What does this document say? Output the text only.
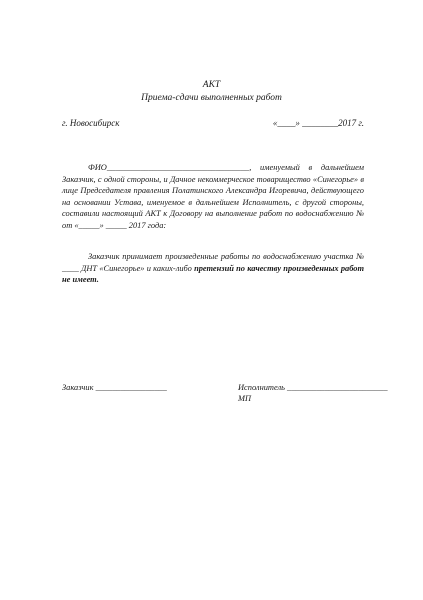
АКТ
Приема-сдачи выполненных работ
г. Новосибирск	«____» ________2017 г.

ФИО__________________________________, именуемый в дальнейшем Заказчик, с одной стороны, и Дачное некоммерческое товарищество «Синегорье» в лице Председателя правления Полатинского Александра Игоревича, действующего на основании Устава, именуемое в дальнейшем Исполнитель, с другой стороны, составили настоящий АКТ к Договору на выполнение работ по водоснабжению № от «_____» _____ 2017 года:

Заказчик принимает произведенные работы по водоснабжению участка № ____ ДНТ «Синегорье» и каких-либо претензий по качеству произведенных работ не имеет.

Заказчик _________________	Исполнитель ________________________
МП
